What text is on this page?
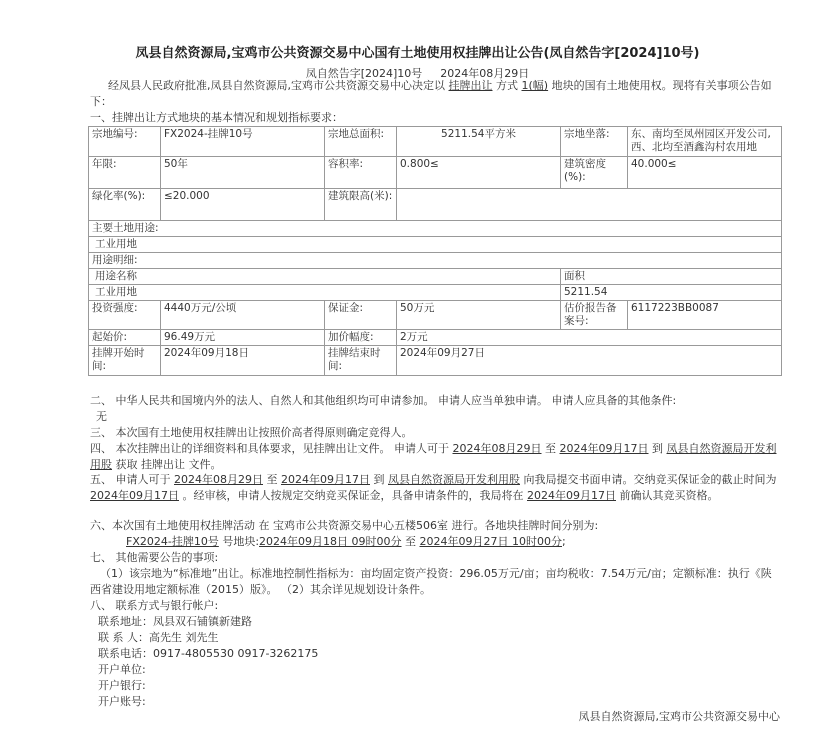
凤县自然资源局,宝鸡市公共资源交易中心国有土地使用权挂牌出让公告(凤自然告字[2024]10号)
凤自然告字[2024]10号 2024年08月29日
经凤县人民政府批准,凤县自然资源局,宝鸡市公共资源交易中心决定以 挂牌出让 方式 1(幅) 地块的国有土地使用权。现将有关事项公告如下：
一、挂牌出让方式地块的基本情况和规划指标要求：
宗地编号:	FX2024-挂牌10号	宗地总面积:	5211.54平方米	宗地坐落:	东、南均至凤州园区开发公司,西、北均至酒鑫沟村农用地
年限:	50年	容积率:	0.800≤	建筑密度(%):	40.000≤
绿化率(%):	≤20.000	建筑限高(米):			
主要土地用途:					
工业用地					
用途明细:					
用途名称				面积	
工业用地				5211.54	
投资强度:	4440万元/公顷	保证金:	50万元	估价报告备案号:	6117223BB0087
起始价:	96.49万元	加价幅度:	2万元		
挂牌开始时间:	2024年09月18日	挂牌结束时间:	2024年09月27日		
二、 中华人民共和国境内外的法人、自然人和其他组织均可申请参加。 申请人应当单独申请。 申请人应具备的其他条件:
无
三、 本次国有土地使用权挂牌出让按照价高者得原则确定竞得人。
四、 本次挂牌出让的详细资料和具体要求，见挂牌出让文件。 申请人可于 2024年08月29日 至 2024年09月17日 到 凤县自然资源局开发利用股 获取 挂牌出让 文件。
五、 申请人可于 2024年08月29日 至 2024年09月17日 到 凤县自然资源局开发利用股 向我局提交书面申请。交纳竞买保证金的截止时间为2024年09月17日 。经审核，申请人按规定交纳竞买保证金，具备申请条件的，我局将在 2024年09月17日 前确认其竞买资格。
六、本次国有土地使用权挂牌活动 在 宝鸡市公共资源交易中心五楼506室 进行。各地块挂牌时间分别为:
FX2024-挂牌10号 号地块:2024年09月18日 09时00分 至 2024年09月27日 10时00分;
七、 其他需要公告的事项:
（1）该宗地为“标准地”出让。标准地控制性指标为：亩均固定资产投资：296.05万元/亩；亩均税收：7.54万元/亩；定额标准：执行《陕西省建设用地定额标准（2015）版》。 （2）其余详见规划设计条件。
八、 联系方式与银行帐户:
联系地址：凤县双石铺镇新建路
联 系 人：高先生 刘先生
联系电话：0917-4805530 0917-3262175
开户单位:
开户银行:
开户账号:
凤县自然资源局,宝鸡市公共资源交易中心
